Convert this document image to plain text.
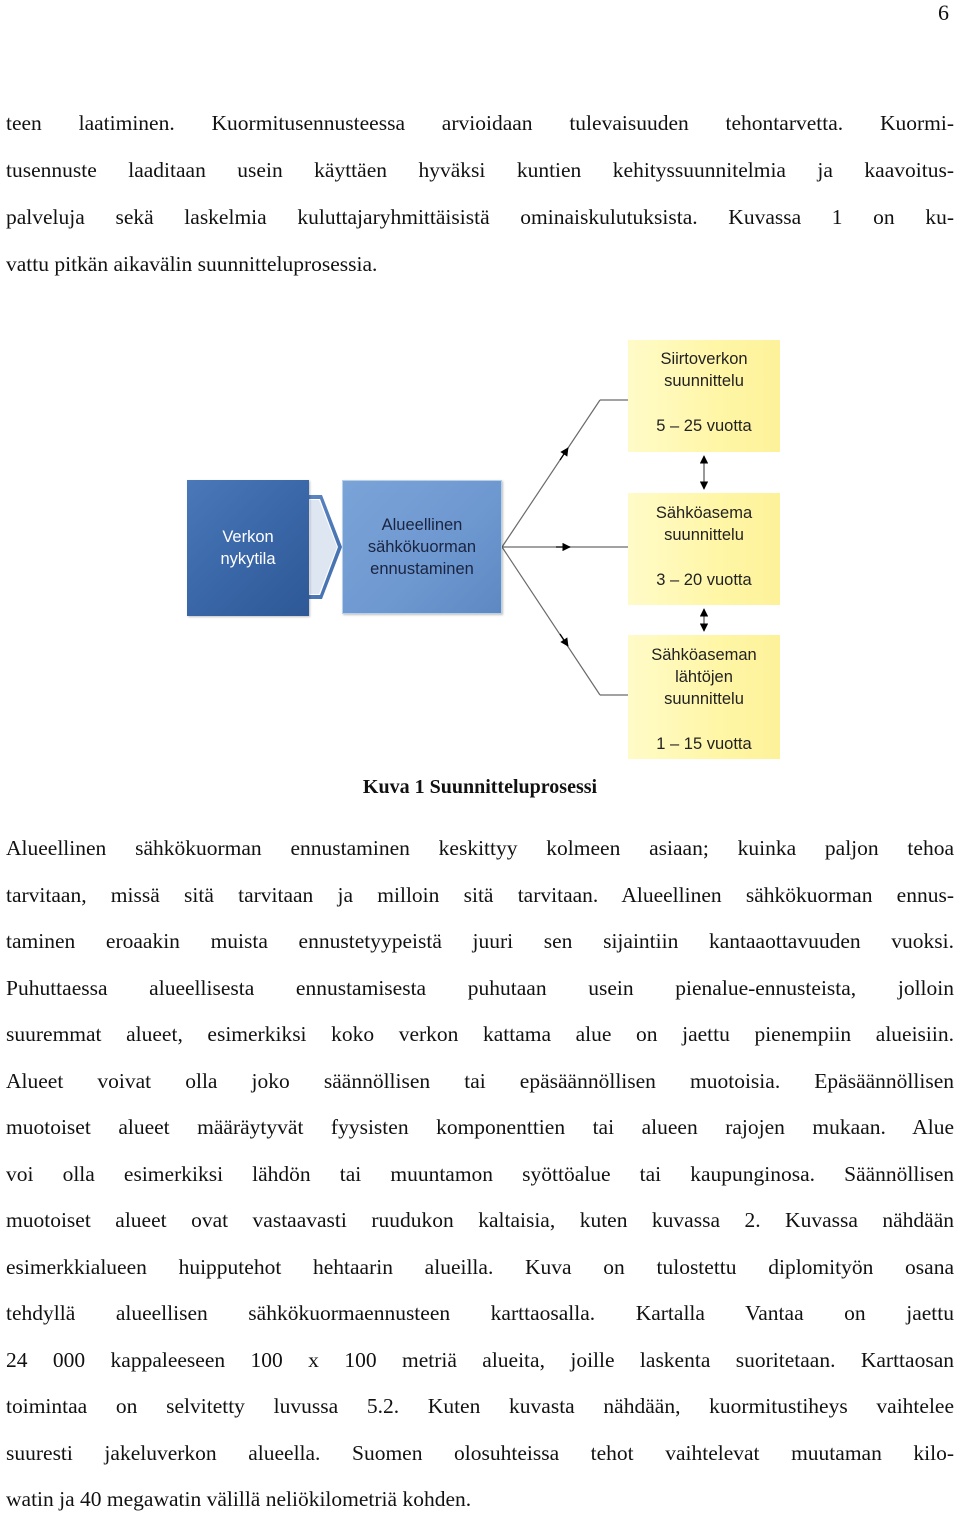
6
teen laatiminen. Kuormitusennusteessa arvioidaan tulevaisuuden tehontarvetta. Kuormi-
tusennuste laaditaan usein käyttäen hyväksi kuntien kehityssuunnitelmia ja kaavoitus-
palveluja sekä laskelmia kuluttajaryhmittäisistä ominaiskulutuksista. Kuvassa 1 on ku-
vattu pitkän aikavälin suunnitteluprosessia.
Verkon
nykytila
Alueellinen
sähkökuorman
ennustaminen
Siirtoverkon
suunnittelu
5 – 25 vuotta
Sähköasema
suunnittelu
3 – 20 vuotta
Sähköaseman
lähtöjen
suunnittelu
1 – 15 vuotta
Kuva 1 Suunnitteluprosessi
Alueellinen sähkökuorman ennustaminen keskittyy kolmeen asiaan; kuinka paljon tehoa
tarvitaan, missä sitä tarvitaan ja milloin sitä tarvitaan. Alueellinen sähkökuorman ennus-
taminen eroaakin muista ennustetyypeistä juuri sen sijaintiin kantaaottavuuden vuoksi.
Puhuttaessa alueellisesta ennustamisesta puhutaan usein pienalue-ennusteista, jolloin
suuremmat alueet, esimerkiksi koko verkon kattama alue on jaettu pienempiin alueisiin.
Alueet voivat olla joko säännöllisen tai epäsäännöllisen muotoisia. Epäsäännöllisen
muotoiset alueet määräytyvät fyysisten komponenttien tai alueen rajojen mukaan. Alue
voi olla esimerkiksi lähdön tai muuntamon syöttöalue tai kaupunginosa. Säännöllisen
muotoiset alueet ovat vastaavasti ruudukon kaltaisia, kuten kuvassa 2. Kuvassa nähdään
esimerkkialueen huipputehot hehtaarin alueilla. Kuva on tulostettu diplomityön osana
tehdyllä alueellisen sähkökuormaennusteen karttaosalla. Kartalla Vantaa on jaettu
24 000 kappaleeseen 100 x 100 metriä alueita, joille laskenta suoritetaan. Karttaosan
toimintaa on selvitetty luvussa 5.2. Kuten kuvasta nähdään, kuormitustiheys vaihtelee
suuresti jakeluverkon alueella. Suomen olosuhteissa tehot vaihtelevat muutaman kilo-
watin ja 40 megawatin välillä neliökilometriä kohden.
